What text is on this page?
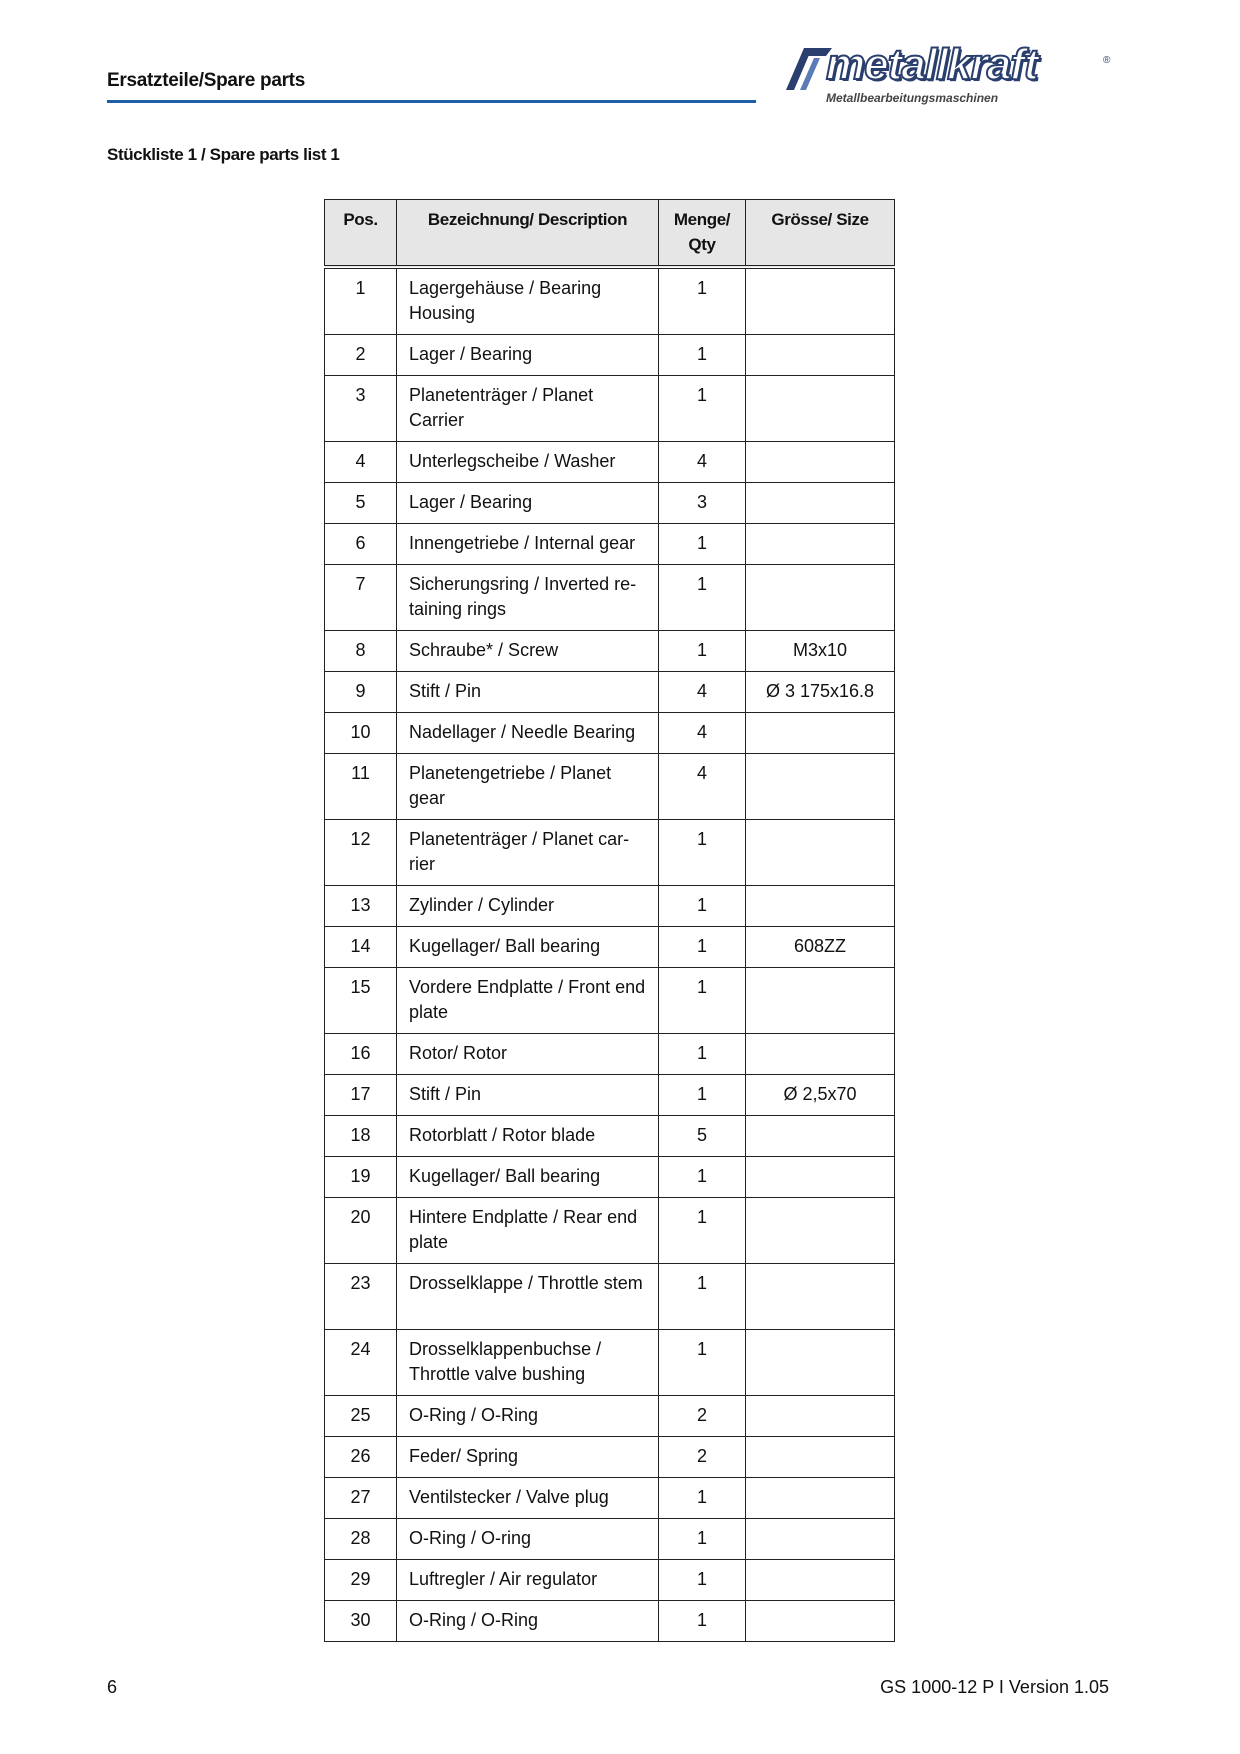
Ersatzteile/Spare parts	metallkraft	®
Metallbearbeitungsmaschinen
Stückliste 1 / Spare parts list 1
Pos.	Bezeichnung/ Description	Menge/ Qty	Grösse/ Size
1	Lagergehäuse / Bearing Housing	1	
2	Lager / Bearing	1	
3	Planetenträger / Planet Carrier	1	
4	Unterlegscheibe / Washer	4	
5	Lager / Bearing	3	
6	Innengetriebe / Internal gear	1	
7	Sicherungsring / Inverted re-taining rings	1	
8	Schraube* / Screw	1	M3x10
9	Stift / Pin	4	Ø 3 175x16.8
10	Nadellager / Needle Bearing	4	
11	Planetengetriebe / Planet gear	4	
12	Planetenträger / Planet car-rier	1	
13	Zylinder / Cylinder	1	
14	Kugellager/ Ball bearing	1	608ZZ
15	Vordere Endplatte / Front end plate	1	
16	Rotor/ Rotor	1	
17	Stift / Pin	1	Ø 2,5x70
18	Rotorblatt / Rotor blade	5	
19	Kugellager/ Ball bearing	1	
20	Hintere Endplatte / Rear end plate	1	
23	Drosselklappe / Throttle stem	1	
24	Drosselklappenbuchse / Throttle valve bushing	1	
25	O-Ring / O-Ring	2	
26	Feder/ Spring	2	
27	Ventilstecker / Valve plug	1	
28	O-Ring / O-ring	1	
29	Luftregler / Air regulator	1	
30	O-Ring / O-Ring	1	
6	GS 1000-12 P I Version 1.05
